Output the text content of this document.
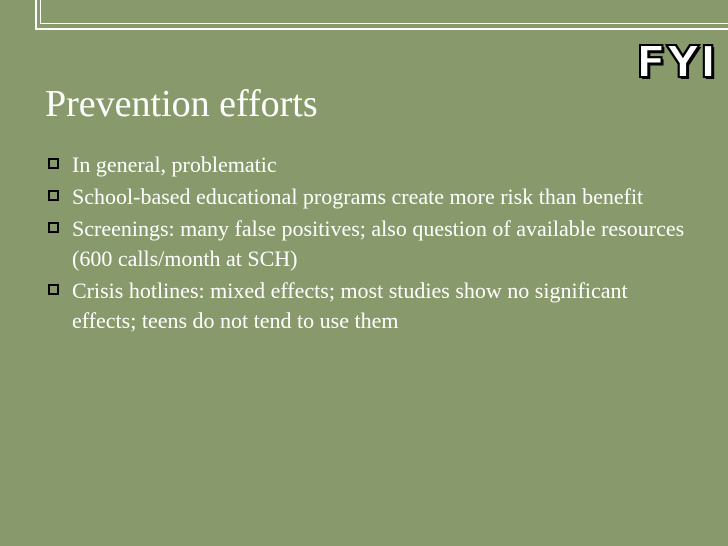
FYI
Prevention efforts
In general, problematic
School-based educational programs create more risk than benefit
Screenings: many false positives; also question of available resources (600 calls/month at SCH)
Crisis hotlines: mixed effects; most studies show no significant effects; teens do not tend to use them
